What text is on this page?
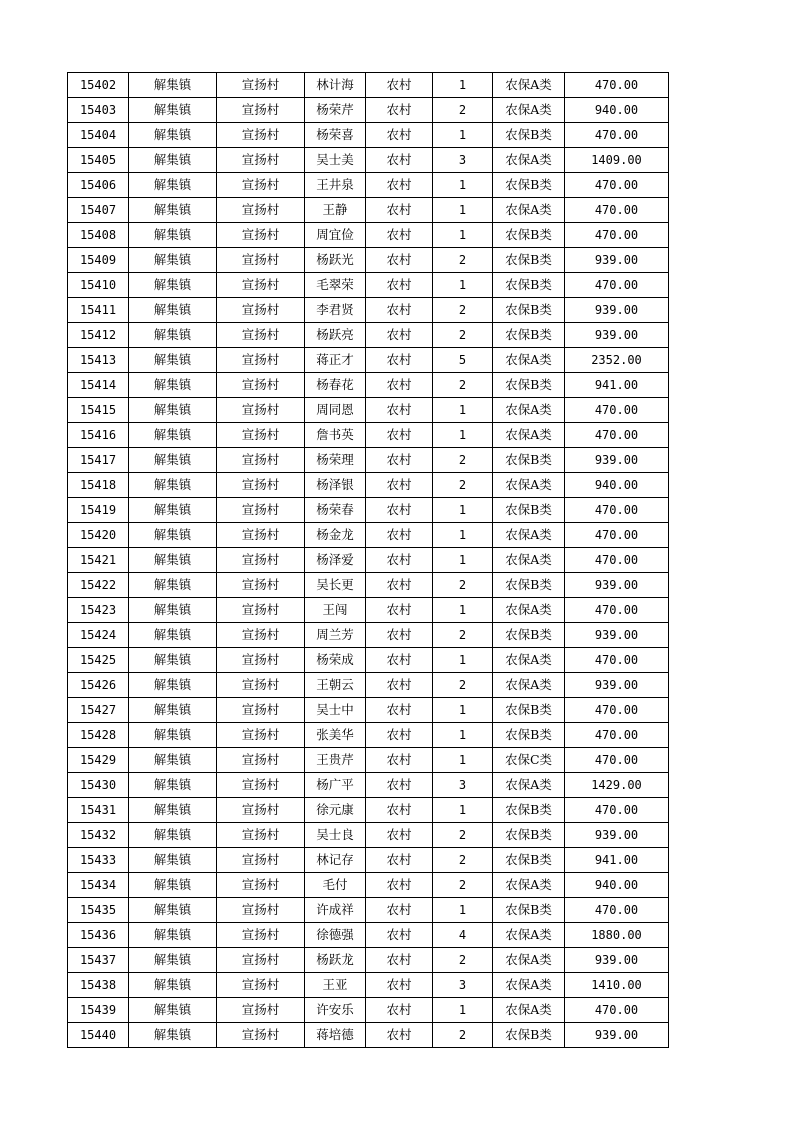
15402	解集镇	宣扬村	林计海	农村	1	农保A类	470.00
15403	解集镇	宣扬村	杨荣芹	农村	2	农保A类	940.00
15404	解集镇	宣扬村	杨荣喜	农村	1	农保B类	470.00
15405	解集镇	宣扬村	吴士美	农村	3	农保A类	1409.00
15406	解集镇	宣扬村	王井泉	农村	1	农保B类	470.00
15407	解集镇	宣扬村	王静	农村	1	农保A类	470.00
15408	解集镇	宣扬村	周宜俭	农村	1	农保B类	470.00
15409	解集镇	宣扬村	杨跃光	农村	2	农保B类	939.00
15410	解集镇	宣扬村	毛翠荣	农村	1	农保B类	470.00
15411	解集镇	宣扬村	李君贤	农村	2	农保B类	939.00
15412	解集镇	宣扬村	杨跃亮	农村	2	农保B类	939.00
15413	解集镇	宣扬村	蒋正才	农村	5	农保A类	2352.00
15414	解集镇	宣扬村	杨春花	农村	2	农保B类	941.00
15415	解集镇	宣扬村	周同恩	农村	1	农保A类	470.00
15416	解集镇	宣扬村	詹书英	农村	1	农保A类	470.00
15417	解集镇	宣扬村	杨荣理	农村	2	农保B类	939.00
15418	解集镇	宣扬村	杨泽银	农村	2	农保A类	940.00
15419	解集镇	宣扬村	杨荣春	农村	1	农保B类	470.00
15420	解集镇	宣扬村	杨金龙	农村	1	农保A类	470.00
15421	解集镇	宣扬村	杨泽爱	农村	1	农保A类	470.00
15422	解集镇	宣扬村	吴长更	农村	2	农保B类	939.00
15423	解集镇	宣扬村	王闯	农村	1	农保A类	470.00
15424	解集镇	宣扬村	周兰芳	农村	2	农保B类	939.00
15425	解集镇	宣扬村	杨荣成	农村	1	农保A类	470.00
15426	解集镇	宣扬村	王朝云	农村	2	农保A类	939.00
15427	解集镇	宣扬村	吴士中	农村	1	农保B类	470.00
15428	解集镇	宣扬村	张美华	农村	1	农保B类	470.00
15429	解集镇	宣扬村	王贵芹	农村	1	农保C类	470.00
15430	解集镇	宣扬村	杨广平	农村	3	农保A类	1429.00
15431	解集镇	宣扬村	徐元康	农村	1	农保B类	470.00
15432	解集镇	宣扬村	吴士良	农村	2	农保B类	939.00
15433	解集镇	宣扬村	林记存	农村	2	农保B类	941.00
15434	解集镇	宣扬村	毛付	农村	2	农保A类	940.00
15435	解集镇	宣扬村	许成祥	农村	1	农保B类	470.00
15436	解集镇	宣扬村	徐德强	农村	4	农保A类	1880.00
15437	解集镇	宣扬村	杨跃龙	农村	2	农保A类	939.00
15438	解集镇	宣扬村	王亚	农村	3	农保A类	1410.00
15439	解集镇	宣扬村	许安乐	农村	1	农保A类	470.00
15440	解集镇	宣扬村	蒋培德	农村	2	农保B类	939.00
